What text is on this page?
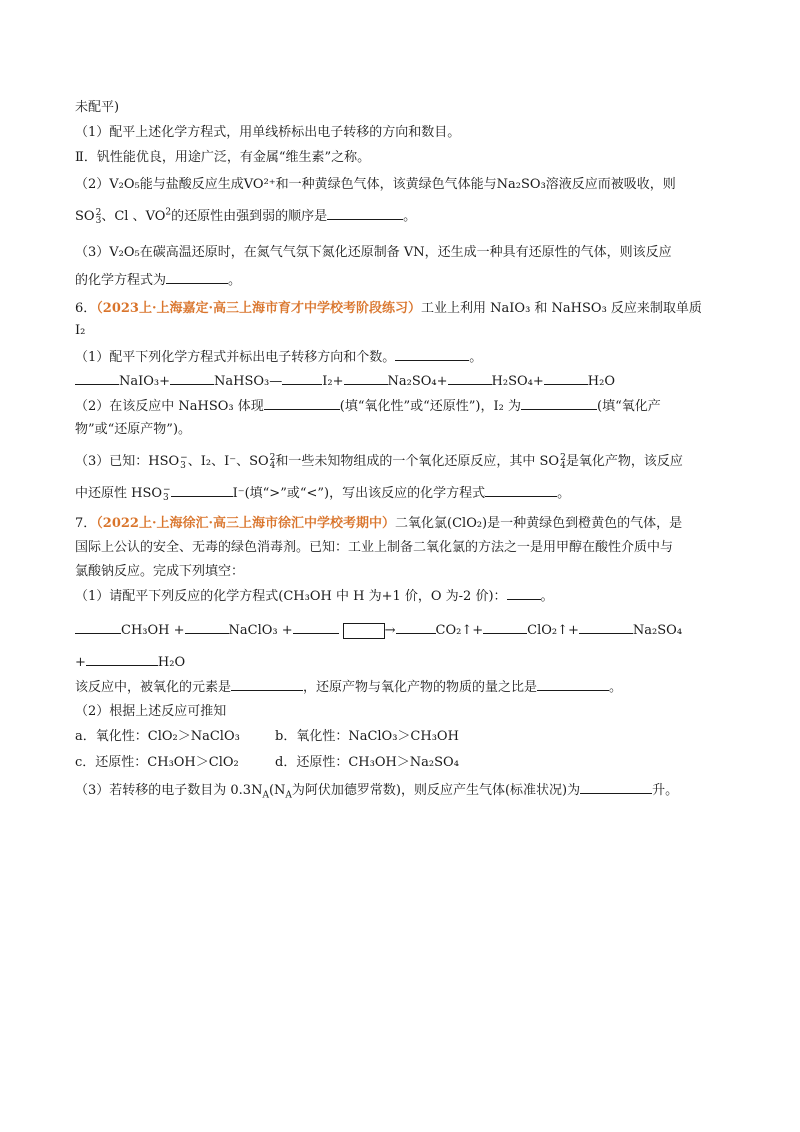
未配平)
（1）配平上述化学方程式，用单线桥标出电子转移的方向和数目。
Ⅱ．钒性能优良，用途广泛，有金属“维生素”之称。
（2）V₂O₅能与盐酸反应生成VO²⁺和一种黄绿色气体，该黄绿色气体能与Na₂SO₃溶液反应而被吸收，则
SO 2
3 、Cl 、$VO^2$的还原性由强到弱的顺序是	。
（3）V₂O₅在碳高温还原时，在氮气气氛下氮化还原制备 VN，还生成一种具有还原性的气体，则该反应
的化学方程式为	。
6．（2023上·上海嘉定·高三上海市育才中学校考阶段练习）工业上利用 NaIO₃ 和 NaHSO₃ 反应来制取单质
I₂
（1）配平下列化学方程式并标出电子转移方向和个数。	。
NaIO₃+	NaHSO₃—	I₂+	Na₂SO₄+	H₂SO₄+	H₂O
（2）在该反应中 NaHSO₃ 体现	(填“氧化性”或“还原性”)，I₂ 为	(填“氧化产
物”或“还原产物”)。
（3）已知：HSO −
3 、I₂、I⁻、SO 2
4 和一些未知物组成的一个氧化还原反应，其中 SO 2
4 是氧化产物，该反应
中还原性 HSO −
3	I⁻(填“>”或“<”)，写出该反应的化学方程式	。
7．（2022上·上海徐汇·高三上海市徐汇中学校考期中）二氧化氯(ClO₂)是一种黄绿色到橙黄色的气体，是
国际上公认的安全、无毒的绿色消毒剂。已知：工业上制备二氧化氯的方法之一是用甲醇在酸性介质中与
氯酸钠反应。完成下列填空：
（1）请配平下列反应的化学方程式(CH₃OH 中 H 为+1 价，O 为-2 价)：	。
CH₃OH +	NaClO₃ +	→	CO₂↑+	ClO₂↑+	Na₂SO₄
+	H₂O
该反应中，被氧化的元素是	，还原产物与氧化产物的物质的量之比是	。
（2）根据上述反应可推知
a．氧化性：ClO₂＞NaClO₃	b．氧化性：NaClO₃＞CH₃OH
c．还原性：CH₃OH＞ClO₂	d．还原性：CH₃OH＞Na₂SO₄
（3）若转移的电子数目为 $0.3N_A(N_A$为阿伏加德罗常数)，则反应产生气体(标准状况)为	升。
